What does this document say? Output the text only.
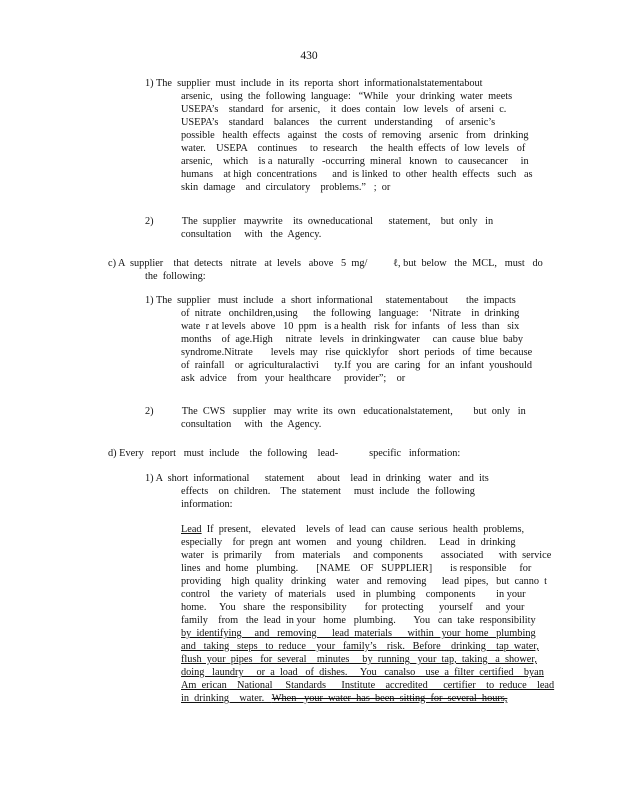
430
1) The  supplier  must  include  in  its  reporta  short  informationalstatementabout
arsenic,   using  the  following  language:   “While   your  drinking  water  meets
USEPA’s    standard   for  arsenic,    it  does  contain   low  levels   of  arseni  c.
USEPA’s    standard    balances    the  current   understanding     of  arsenic’s
possible   health  effects   against   the  costs  of  removing   arsenic   from   drinking
water.    USEPA    continues     to  research     the  health  effects  of  low  levels   of
arsenic,    which    is a  naturally   -occurring  mineral   known   to  causecancer     in
humans    at high  concentrations      and  is linked  to  other  health  effects   such   as
skin  damage    and  circulatory    problems.”   ;  or
2)           The  supplier   maywrite    its  owneducational      statement,    but  only   in
consultation     with   the  Agency.
c) A  supplier    that  detects   nitrate   at  levels   above   5  mg/          ℓ, but  below   the  MCL,   must   do
the  following:
1) The  supplier   must  include   a  short  informational     statementabout       the  impacts
of  nitrate   onchildren,using      the  following   language:    ‘Nitrate    in  drinking
wate  r at levels  above   10  ppm   is a health   risk  for  infants   of  less  than   six
months    of  age.High     nitrate   levels   in drinkingwater     can  cause  blue  baby
syndrome.Nitrate       levels  may   rise  quicklyfor    short  periods   of  time  because
of  rainfall    or  agriculturalactivi      ty.If  you  are  caring   for  an  infant  youshould
ask  advice    from   your  healthcare     provider”;    or
2)           The  CWS   supplier   may  write  its  own   educationalstatement,        but  only   in
consultation     with   the  Agency.
d) Every   report   must  include    the  following    lead-            specific   information:
1) A  short  informational      statement     about    lead  in  drinking   water   and  its
effects    on  children.    The  statement     must  include   the  following
information:
Lead  If  present,    elevated    levels  of  lead  can  cause  serious  health  problems,
especially    for  pregn  ant  women    and  young   children.     Lead   in  drinking
water   is  primarily     from   materials     and  components       associated      with  service
lines  and  home   plumbing.       [NAME    OF   SUPPLIER]       is responsible     for
providing    high  quality   drinking    water   and  removing      lead  pipes,   but  canno  t
control    the  variety   of  materials    used   in  plumbing    components        in your
home.     You   share   the  responsibility       for  protecting      yourself     and  your
family    from   the  lead  in your   home   plumbing.       You   can  take  responsibility
by  identifying     and   removing      lead  materials      within   your  home   plumbing
and   taking   steps   to  reduce    your   family’s    risk.   Before    drinking    tap  water,
flush  your  pipes   for  several    minutes     by  running   your  tap,  taking   a  shower,
doing   laundry     or  a  load   of  dishes.     You   canalso    use  a  filter  certified    byan
Am  erican    National     Standards      Institute    accredited      certifier    to  reduce    lead
in  drinking    water.   When   your  water  has  been  sitting  for  several  hours,
